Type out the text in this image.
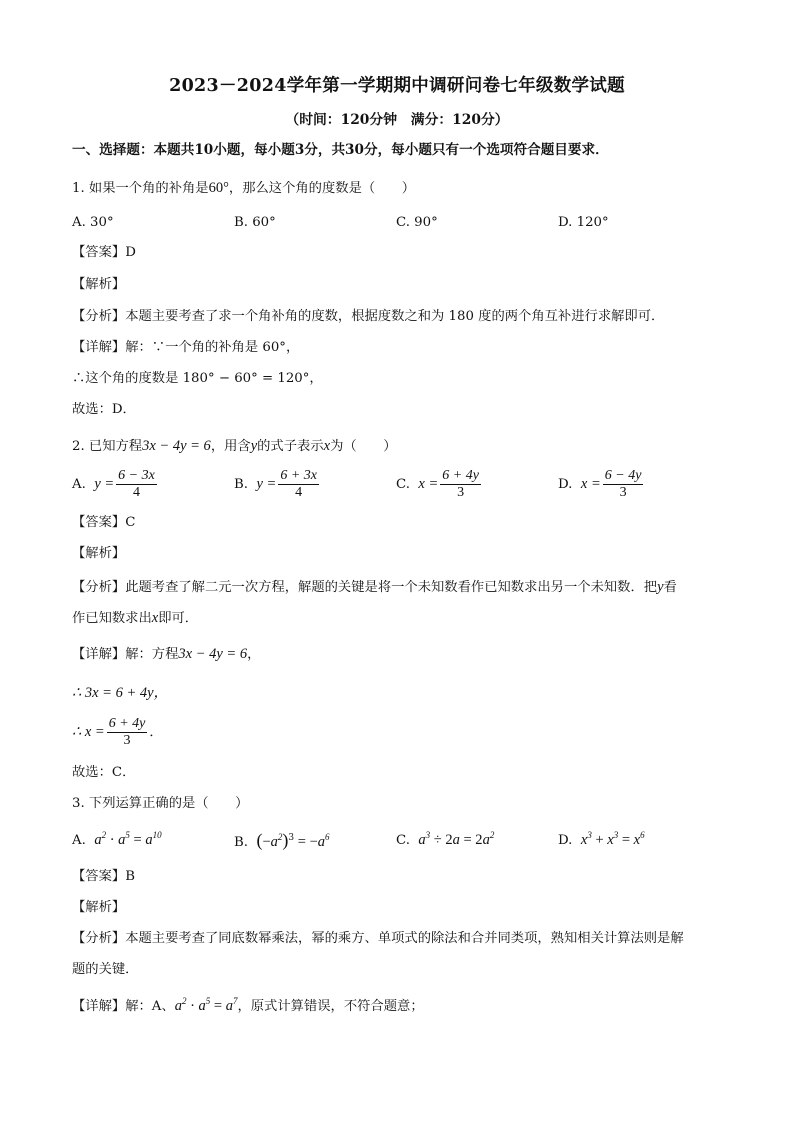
2023－2024学年第一学期期中调研问卷七年级数学试题
（时间：120分钟　满分：120分）
一、选择题：本题共10小题，每小题3分，共30分，每小题只有一个选项符合题目要求．
1. 如果一个角的补角是60°，那么这个角的度数是（　　）
A. 30°	B. 60°	C. 90°	D. 120°
【答案】D
【解析】
【分析】本题主要考查了求一个角补角的度数，根据度数之和为 180 度的两个角互补进行求解即可．
【详解】解：∵一个角的补角是 60°，
∴这个角的度数是 180° − 60° = 120°，
故选：D．
2. 已知方程3x − 4y = 6，用含y的式子表示x为（　　）
A. $y = \frac{6 - 3x}{4}$	B. $y = \frac{6 + 3x}{4}$	C. $x = \frac{6 + 4y}{3}$	D. $x = \frac{6 - 4y}{3}$
【答案】C
【解析】
【分析】此题考查了解二元一次方程，解题的关键是将一个未知数看作已知数求出另一个未知数．把y看
作已知数求出x即可．
【详解】解：方程3x − 4y = 6，
∴ 3x = 6 + 4y，
∴ $x = \frac{6 + 4y}{3}$ ．
故选：C．
3. 下列运算正确的是（　　）
A. $a^2 \cdot a^5 = a^{10}$	B. $(-a^2)^3 = -a^6$	C. $a^3 \div 2a = 2a^2$	D. $x^3 + x^3 = x^6$
【答案】B
【解析】
【分析】本题主要考查了同底数幂乘法，幂的乘方、单项式的除法和合并同类项，熟知相关计算法则是解
题的关键．
【详解】解：A、$a^2 \cdot a^5 = a^7$，原式计算错误，不符合题意；
